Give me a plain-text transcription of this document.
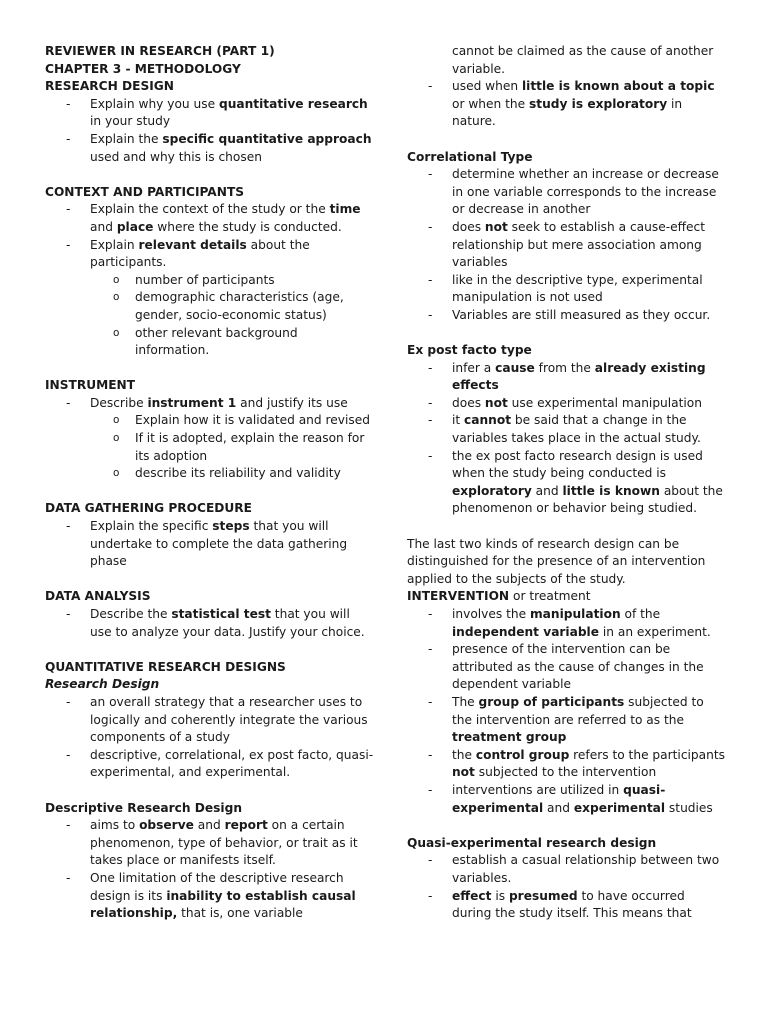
REVIEWER IN RESEARCH (PART 1)
CHAPTER 3 - METHODOLOGY
RESEARCH DESIGN
- Explain why you use quantitative research in your study
- Explain the specific quantitative approach used and why this is chosen
CONTEXT AND PARTICIPANTS
- Explain the context of the study or the time and place where the study is conducted.
- Explain relevant details about the participants.
o number of participants
o demographic characteristics (age, gender, socio-economic status)
o other relevant background information.
INSTRUMENT
- Describe instrument 1 and justify its use
o Explain how it is validated and revised
o If it is adopted, explain the reason for its adoption
o describe its reliability and validity
DATA GATHERING PROCEDURE
- Explain the specific steps that you will undertake to complete the data gathering phase
DATA ANALYSIS
- Describe the statistical test that you will use to analyze your data. Justify your choice.
QUANTITATIVE RESEARCH DESIGNS
Research Design
- an overall strategy that a researcher uses to logically and coherently integrate the various components of a study
- descriptive, correlational, ex post facto, quasi-experimental, and experimental.
Descriptive Research Design
- aims to observe and report on a certain phenomenon, type of behavior, or trait as it takes place or manifests itself.
- One limitation of the descriptive research design is its inability to establish causal relationship, that is, one variable
cannot be claimed as the cause of another variable.
- used when little is known about a topic or when the study is exploratory in nature.
Correlational Type
- determine whether an increase or decrease in one variable corresponds to the increase or decrease in another
- does not seek to establish a cause-effect relationship but mere association among variables
- like in the descriptive type, experimental manipulation is not used
- Variables are still measured as they occur.
Ex post facto type
- infer a cause from the already existing effects
- does not use experimental manipulation
- it cannot be said that a change in the variables takes place in the actual study.
- the ex post facto research design is used when the study being conducted is exploratory and little is known about the phenomenon or behavior being studied.

The last two kinds of research design can be distinguished for the presence of an intervention applied to the subjects of the study.

INTERVENTION or treatment
- involves the manipulation of the independent variable in an experiment.
- presence of the intervention can be attributed as the cause of changes in the dependent variable
- The group of participants subjected to the intervention are referred to as the treatment group
- the control group refers to the participants not subjected to the intervention
- interventions are utilized in quasi-experimental and experimental studies
Quasi-experimental research design
- establish a casual relationship between two variables.
- effect is presumed to have occurred during the study itself. This means that
